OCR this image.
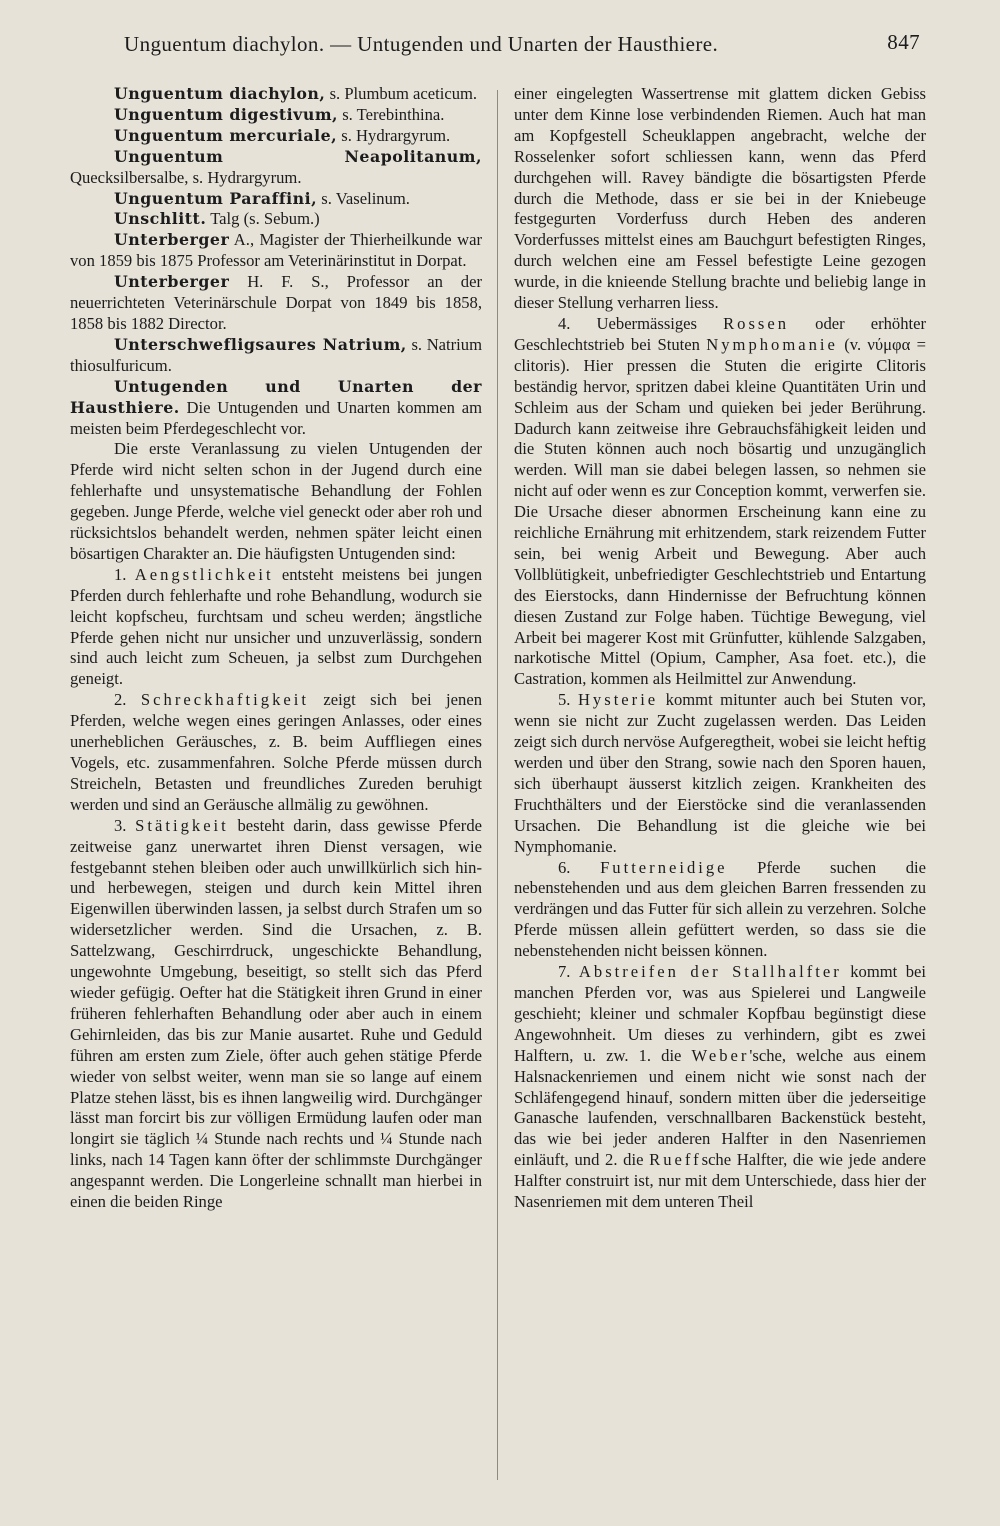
Unguentum diachylon. — Untugenden und Unarten der Hausthiere.	847

Unguentum diachylon, s. Plumbum aceticum.

Unguentum digestivum, s. Terebinthina.

Unguentum mercuriale, s. Hydrargyrum.

Unguentum Neapolitanum, Quecksilbersalbe, s. Hydrargyrum.

Unguentum Paraffini, s. Vaselinum.

Unschlitt. Talg (s. Sebum.)

Unterberger A., Magister der Thierheilkunde war von 1859 bis 1875 Professor am Veterinärinstitut in Dorpat.

Unterberger H. F. S., Professor an der neuerrichteten Veterinärschule Dorpat von 1849 bis 1858, 1858 bis 1882 Director.

Unterschwefligsaures Natrium, s. Natrium thiosulfuricum.

Untugenden und Unarten der Hausthiere. Die Untugenden und Unarten kommen am meisten beim Pferdegeschlecht vor.

Die erste Veranlassung zu vielen Untugenden der Pferde wird nicht selten schon in der Jugend durch eine fehlerhafte und unsystematische Behandlung der Fohlen gegeben. Junge Pferde, welche viel geneckt oder aber roh und rücksichtslos behandelt werden, nehmen später leicht einen bösartigen Charakter an. Die häufigsten Untugenden sind:

1. Aengstlichkeit entsteht meistens bei jungen Pferden durch fehlerhafte und rohe Behandlung, wodurch sie leicht kopfscheu, furchtsam und scheu werden; ängstliche Pferde gehen nicht nur unsicher und unzuverlässig, sondern sind auch leicht zum Scheuen, ja selbst zum Durchgehen geneigt.

2. Schreckhaftigkeit zeigt sich bei jenen Pferden, welche wegen eines geringen Anlasses, oder eines unerheblichen Geräusches, z. B. beim Auffliegen eines Vogels, etc. zusammenfahren. Solche Pferde müssen durch Streicheln, Betasten und freundliches Zureden beruhigt werden und sind an Geräusche allmälig zu gewöhnen.

3. Stätigkeit besteht darin, dass gewisse Pferde zeitweise ganz unerwartet ihren Dienst versagen, wie festgebannt stehen bleiben oder auch unwillkürlich sich hin- und herbewegen, steigen und durch kein Mittel ihren Eigenwillen überwinden lassen, ja selbst durch Strafen um so widersetzlicher werden. Sind die Ursachen, z. B. Sattelzwang, Geschirrdruck, ungeschickte Behandlung, ungewohnte Umgebung, beseitigt, so stellt sich das Pferd wieder gefügig. Oefter hat die Stätigkeit ihren Grund in einer früheren fehlerhaften Behandlung oder aber auch in einem Gehirnleiden, das bis zur Manie ausartet. Ruhe und Geduld führen am ersten zum Ziele, öfter auch gehen stätige Pferde wieder von selbst weiter, wenn man sie so lange auf einem Platze stehen lässt, bis es ihnen langweilig wird. Durchgänger lässt man forcirt bis zur völligen Ermüdung laufen oder man longirt sie täglich ¼ Stunde nach rechts und ¼ Stunde nach links, nach 14 Tagen kann öfter der schlimmste Durchgänger angespannt werden. Die Longerleine schnallt man hierbei in einen die beiden Ringe

einer eingelegten Wassertrense mit glattem dicken Gebiss unter dem Kinne lose verbindenden Riemen. Auch hat man am Kopfgestell Scheuklappen angebracht, welche der Rosselenker sofort schliessen kann, wenn das Pferd durchgehen will. Ravey bändigte die bösartigsten Pferde durch die Methode, dass er sie bei in der Kniebeuge festgegurten Vorderfuss durch Heben des anderen Vorderfusses mittelst eines am Bauchgurt befestigten Ringes, durch welchen eine am Fessel befestigte Leine gezogen wurde, in die knieende Stellung brachte und beliebig lange in dieser Stellung verharren liess.

4. Uebermässiges Rossen oder erhöhter Geschlechtstrieb bei Stuten Nymphomanie (v. νύμφα = clitoris). Hier pressen die Stuten die erigirte Clitoris beständig hervor, spritzen dabei kleine Quantitäten Urin und Schleim aus der Scham und quieken bei jeder Berührung. Dadurch kann zeitweise ihre Gebrauchsfähigkeit leiden und die Stuten können auch noch bösartig und unzugänglich werden. Will man sie dabei belegen lassen, so nehmen sie nicht auf oder wenn es zur Conception kommt, verwerfen sie. Die Ursache dieser abnormen Erscheinung kann eine zu reichliche Ernährung mit erhitzendem, stark reizendem Futter sein, bei wenig Arbeit und Bewegung. Aber auch Vollblütigkeit, unbefriedigter Geschlechtstrieb und Entartung des Eierstocks, dann Hindernisse der Befruchtung können diesen Zustand zur Folge haben. Tüchtige Bewegung, viel Arbeit bei magerer Kost mit Grünfutter, kühlende Salzgaben, narkotische Mittel (Opium, Campher, Asa foet. etc.), die Castration, kommen als Heilmittel zur Anwendung.

5. Hysterie kommt mitunter auch bei Stuten vor, wenn sie nicht zur Zucht zugelassen werden. Das Leiden zeigt sich durch nervöse Aufgeregtheit, wobei sie leicht heftig werden und über den Strang, sowie nach den Sporen hauen, sich überhaupt äusserst kitzlich zeigen. Krankheiten des Fruchthälters und der Eierstöcke sind die veranlassenden Ursachen. Die Behandlung ist die gleiche wie bei Nymphomanie.

6. Futterneidige Pferde suchen die nebenstehenden und aus dem gleichen Barren fressenden zu verdrängen und das Futter für sich allein zu verzehren. Solche Pferde müssen allein gefüttert werden, so dass sie die nebenstehenden nicht beissen können.

7. Abstreifen der Stallhalfter kommt bei manchen Pferden vor, was aus Spielerei und Langweile geschieht; kleiner und schmaler Kopfbau begünstigt diese Angewohnheit. Um dieses zu verhindern, gibt es zwei Halftern, u. zw. 1. die Weber'sche, welche aus einem Halsnackenriemen und einem nicht wie sonst nach der Schläfengegend hinauf, sondern mitten über die jederseitige Ganasche laufenden, verschnallbaren Backenstück besteht, das wie bei jeder anderen Halfter in den Nasenriemen einläuft, und 2. die Rueffsche Halfter, die wie jede andere Halfter construirt ist, nur mit dem Unterschiede, dass hier der Nasenriemen mit dem unteren Theil
